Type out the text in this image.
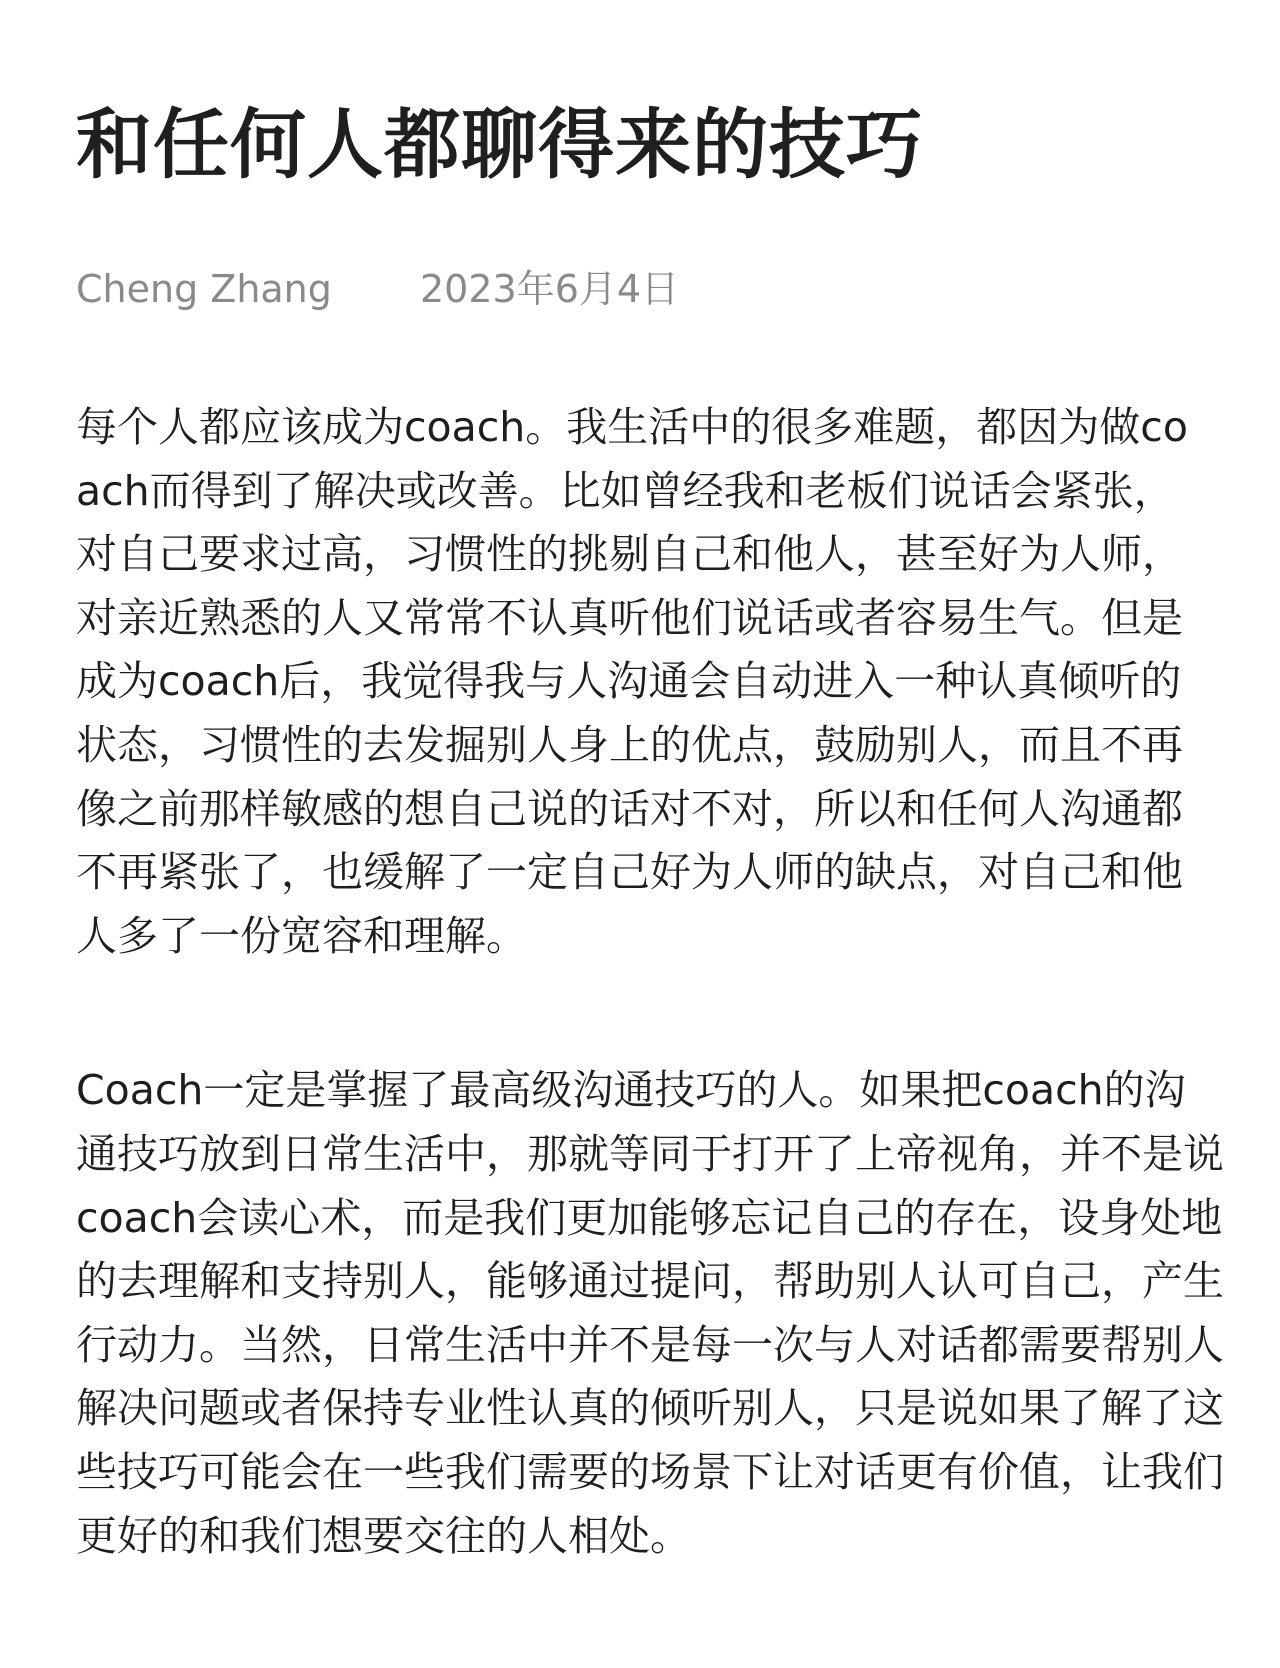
和任何人都聊得来的技巧
Cheng Zhang 2023年6月4日

每个人都应该成为coach。我生活中的很多难题，都因为做coach而得到了解决或改善。比如曾经我和老板们说话会紧张，对自己要求过高，习惯性的挑剔自己和他人，甚至好为人师，对亲近熟悉的人又常常不认真听他们说话或者容易生气。但是成为coach后，我觉得我与人沟通会自动进入一种认真倾听的状态，习惯性的去发掘别人身上的优点，鼓励别人，而且不再像之前那样敏感的想自己说的话对不对，所以和任何人沟通都不再紧张了，也缓解了一定自己好为人师的缺点，对自己和他人多了一份宽容和理解。

Coach一定是掌握了最高级沟通技巧的人。如果把coach的沟通技巧放到日常生活中，那就等同于打开了上帝视角，并不是说coach会读心术，而是我们更加能够忘记自己的存在，设身处地的去理解和支持别人，能够通过提问，帮助别人认可自己，产生行动力。当然，日常生活中并不是每一次与人对话都需要帮别人解决问题或者保持专业性认真的倾听别人，只是说如果了解了这些技巧可能会在一些我们需要的场景下让对话更有价值，让我们更好的和我们想要交往的人相处。
